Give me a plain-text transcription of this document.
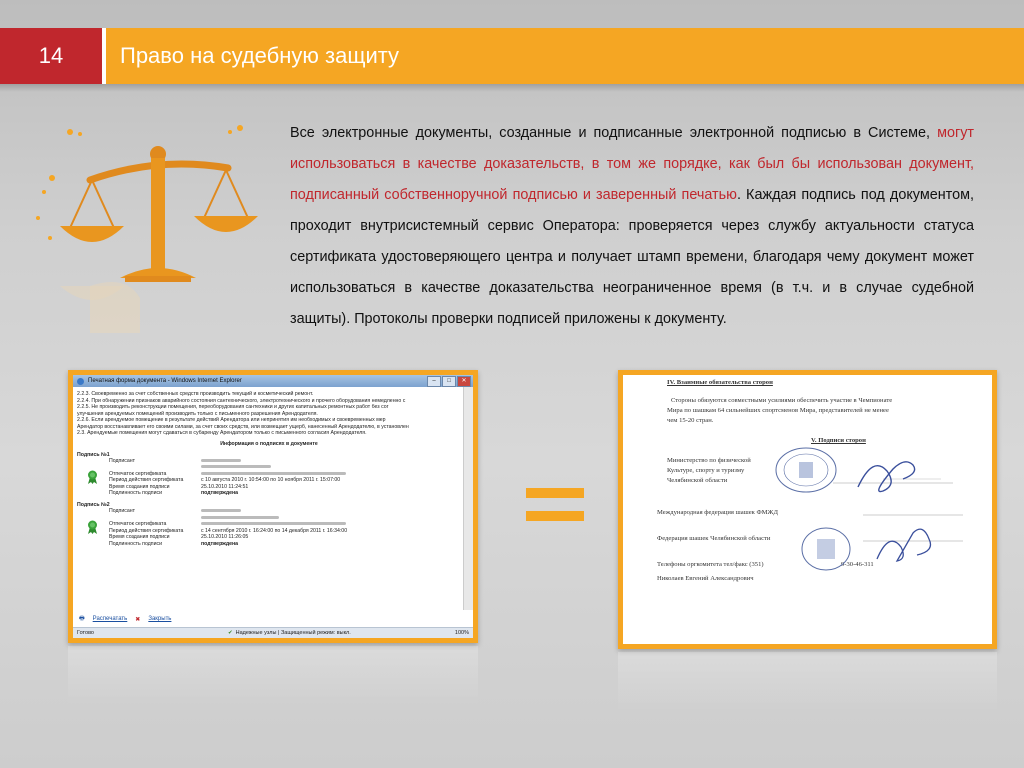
14	Право на судебную защиту
Все электронные документы, созданные и подписанные электронной подписью в Системе, могут использоваться в качестве доказательств, в том же порядке, как был бы использован документ, подписанный собственноручной подписью и заверенный печатью. Каждая подпись под документом, проходит внутрисистемный сервис Оператора: проверяется через службу актуальности статуса сертификата удостоверяющего центра и получает штамп времени, благодаря чему документ может использоваться в качестве доказательства неограниченное время (в т.ч. и в случае судебной защиты). Протоколы проверки подписей приложены к документу.
Печатная форма документа - Windows Internet Explorer	–	□	✕
2.2.3. Своевременно за счет собственных средств производить текущий и косметический ремонт.
2.2.4. При обнаружении признаков аварийного состояния сантехнического, электротехнического и прочего оборудования немедленно с
2.2.5. Не производить реконструкции помещения, переоборудования сантехники и других капитальных ремонтных работ без сог
улучшения арендуемых помещений производить только с письменного разрешения Арендодателя.
2.2.6. Если арендуемое помещение в результате действий Арендатора или непринятия им необходимых и своевременных мер
Арендатор восстанавливает его своими силами, за счет своих средств, или возмещает ущерб, нанесенный Арендодателю, в установлен
2.3. Арендуемые помещения могут сдаваться в субаренду Арендатором только с письменного согласия Арендодателя.
Информация о подписях в документе
Подпись №1
Подписант
Отпечаток сертификата
Период действия сертификата	с 10 августа 2010 г. 10:54:00 по 10 ноября 2011 г. 15:07:00
Время создания подписи	25.10.2010 11:24:51
Подлинность подписи	подтверждена
Подпись №2
Подписант
Отпечаток сертификата
Период действия сертификата	с 14 сентября 2010 г. 16:24:00 по 14 декабря 2011 г. 16:34:00
Время создания подписи	25.10.2010 11:26:05
Подлинность подписи	подтверждена
🖶 Распечатать ✖ Закрыть
Готово	✔ Надежные узлы | Защищенный режим: выкл.	100%
IV. Взаимные обязательства сторон
Стороны обязуются совместными усилиями обеспечить участие в Чемпионате
Мира по шашкам 64 сильнейших спортсменов Мира, представителей не менее
чем 15-20 стран.
V. Подписи сторон
Министерство по физической
Культуре, спорту и туризму
Челябинской области
Международная федерация шашек ФМЖД
Федерация шашек Челябинской области
Телефоны оргкомитета тел/факс (351)	9-30-46-311
Николаев Евгений Александрович
